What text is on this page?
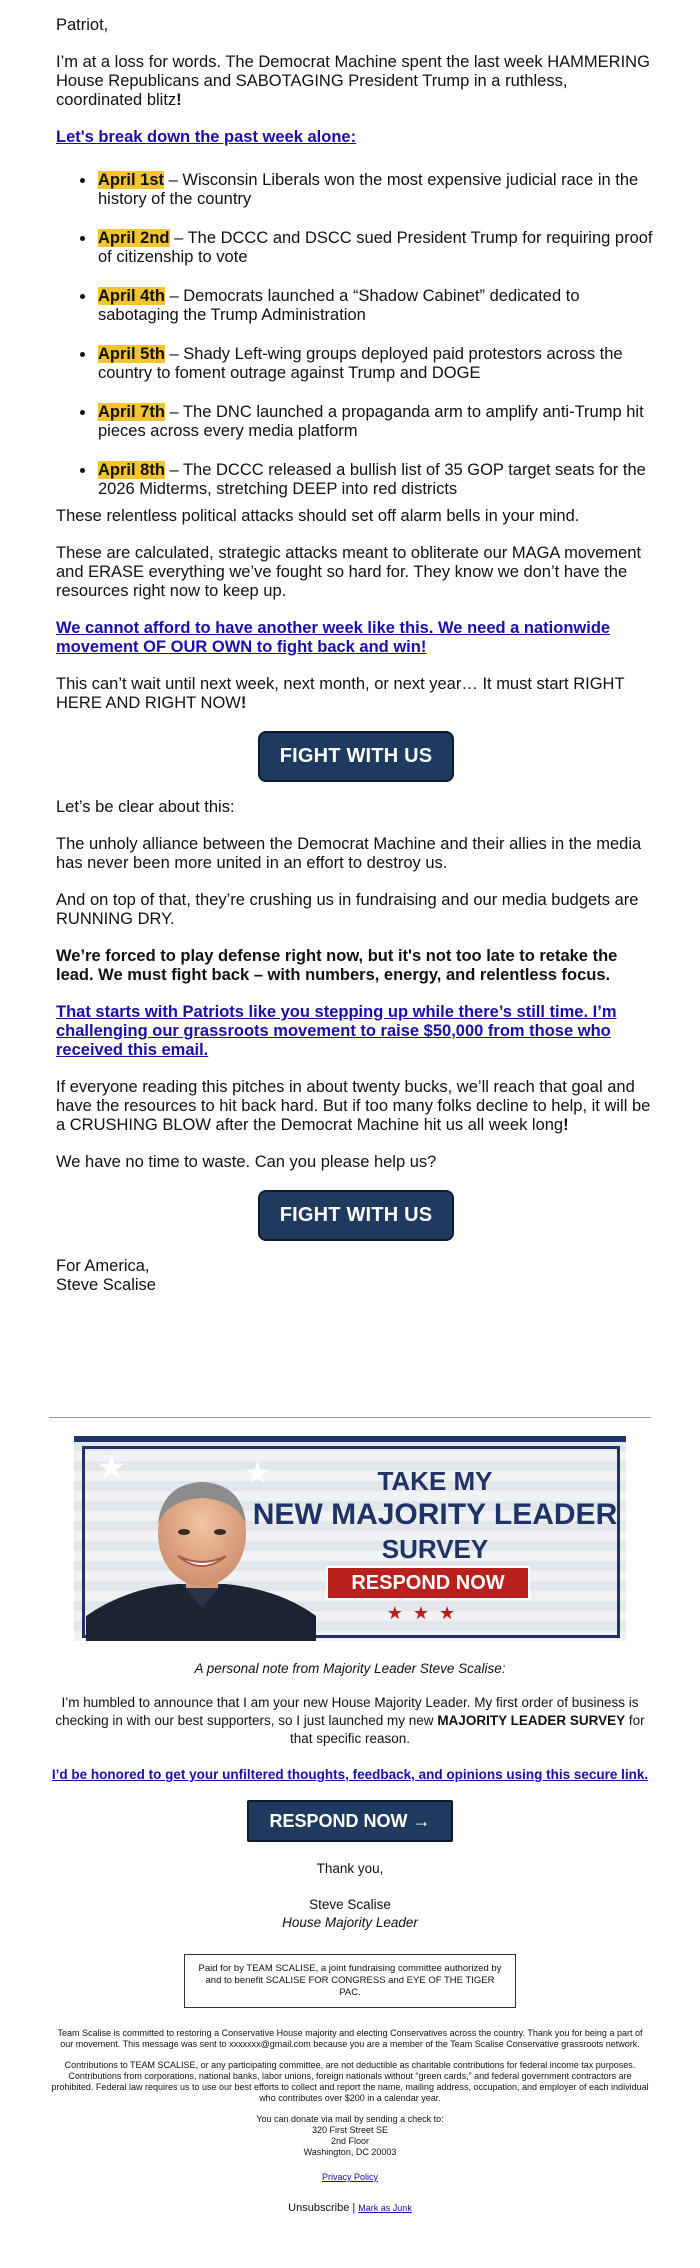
Patriot,

I’m at a loss for words. The Democrat Machine spent the last week HAMMERING House Republicans and SABOTAGING President Trump in a ruthless, coordinated blitz!

Let's break down the past week alone:

• April 1st – Wisconsin Liberals won the most expensive judicial race in the history of the country
• April 2nd – The DCCC and DSCC sued President Trump for requiring proof of citizenship to vote
• April 4th – Democrats launched a “Shadow Cabinet” dedicated to sabotaging the Trump Administration
• April 5th – Shady Left-wing groups deployed paid protestors across the country to foment outrage against Trump and DOGE
• April 7th – The DNC launched a propaganda arm to amplify anti-Trump hit pieces across every media platform
• April 8th – The DCCC released a bullish list of 35 GOP target seats for the 2026 Midterms, stretching DEEP into red districts

These relentless political attacks should set off alarm bells in your mind.

These are calculated, strategic attacks meant to obliterate our MAGA movement and ERASE everything we’ve fought so hard for. They know we don’t have the resources right now to keep up.

We cannot afford to have another week like this. We need a nationwide movement OF OUR OWN to fight back and win!

This can’t wait until next week, next month, or next year… It must start RIGHT HERE AND RIGHT NOW!

FIGHT WITH US

Let’s be clear about this:

The unholy alliance between the Democrat Machine and their allies in the media has never been more united in an effort to destroy us.

And on top of that, they’re crushing us in fundraising and our media budgets are RUNNING DRY.

We’re forced to play defense right now, but it's not too late to retake the lead. We must fight back – with numbers, energy, and relentless focus.

That starts with Patriots like you stepping up while there’s still time. I’m challenging our grassroots movement to raise $50,000 from those who received this email.

If everyone reading this pitches in about twenty bucks, we’ll reach that goal and have the resources to hit back hard. But if too many folks decline to help, it will be a CRUSHING BLOW after the Democrat Machine hit us all week long!

We have no time to waste. Can you please help us?

FIGHT WITH US
For America,
Steve Scalise
★	★	TAKE MY
NEW MAJORITY LEADER
SURVEY
RESPOND NOW
★★★

A personal note from Majority Leader Steve Scalise:

I’m humbled to announce that I am your new House Majority Leader. My first order of business is checking in with our best supporters, so I just launched my new MAJORITY LEADER SURVEY for that specific reason.

I’d be honored to get your unfiltered thoughts, feedback, and opinions using this secure link.
RESPOND NOW →
Thank you,
Steve Scalise
House Majority Leader
Paid for by TEAM SCALISE, a joint fundraising committee authorized by and to benefit SCALISE FOR CONGRESS and EYE OF THE TIGER PAC.

Team Scalise is committed to restoring a Conservative House majority and electing Conservatives across the country. Thank you for being a part of our movement. This message was sent to xxxxxxx@gmail.com because you are a member of the Team Scalise Conservative grassroots network.

Contributions to TEAM SCALISE, or any participating committee, are not deductible as charitable contributions for federal income tax purposes. Contributions from corporations, national banks, labor unions, foreign nationals without “green cards,” and federal government contractors are prohibited. Federal law requires us to use our best efforts to collect and report the name, mailing address, occupation, and employer of each individual who contributes over $200 in a calendar year.

You can donate via mail by sending a check to:
320 First Street SE
2nd Floor
Washington, DC 20003
Privacy Policy
Unsubscribe | Mark as Junk
